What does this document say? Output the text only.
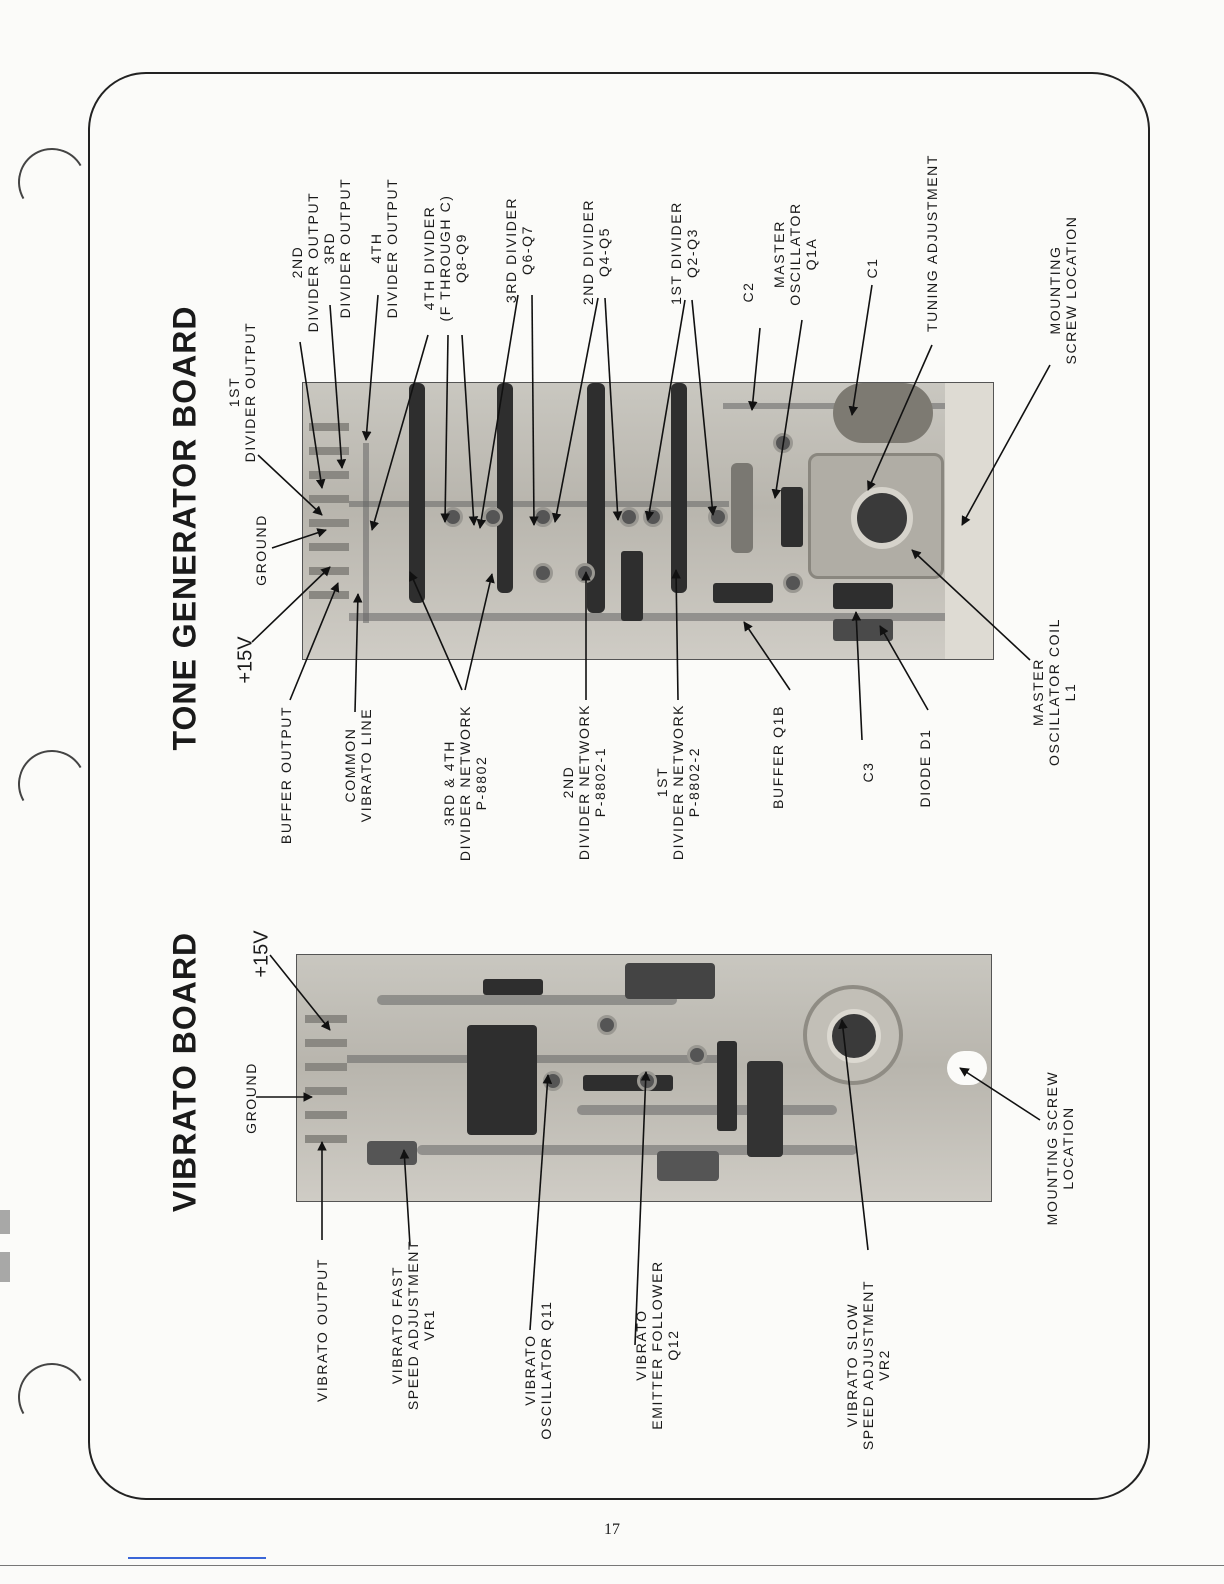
TONE GENERATOR BOARD 1ST
DIVIDER OUTPUT
GROUND
+15V
BUFFER OUTPUT	COMMON
VIBRATO LINE
2ND
DIVIDER OUTPUT 3RD
DIVIDER OUTPUT
4TH
DIVIDER OUTPUT
4TH DIVIDER
(F THROUGH C)
Q8-Q9
3RD DIVIDER
Q6-Q7
2ND DIVIDER
Q4-Q5
1ST DIVIDER
Q2-Q3
C2
MASTER
OSCILLATOR
Q1A	C1	TUNING ADJUSTMENT	MOUNTING
SCREW LOCATION
3RD & 4TH
DIVIDER NETWORK
P-8802	2ND
DIVIDER NETWORK
P-8802-1	1ST
DIVIDER NETWORK
P-8802-2	BUFFER Q1B	C3	DIODE D1
MASTER
OSCILLATOR COIL
L1
VIBRATO BOARD	GROUND
+15V
VIBRATO OUTPUT	VIBRATO FAST
SPEED ADJUSTMENT
VR1
VIBRATO
OSCILLATOR Q11	VIBRATO
EMITTER FOLLOWER
Q12
VIBRATO SLOW
SPEED ADJUSTMENT
VR2
MOUNTING SCREW
LOCATION
17
